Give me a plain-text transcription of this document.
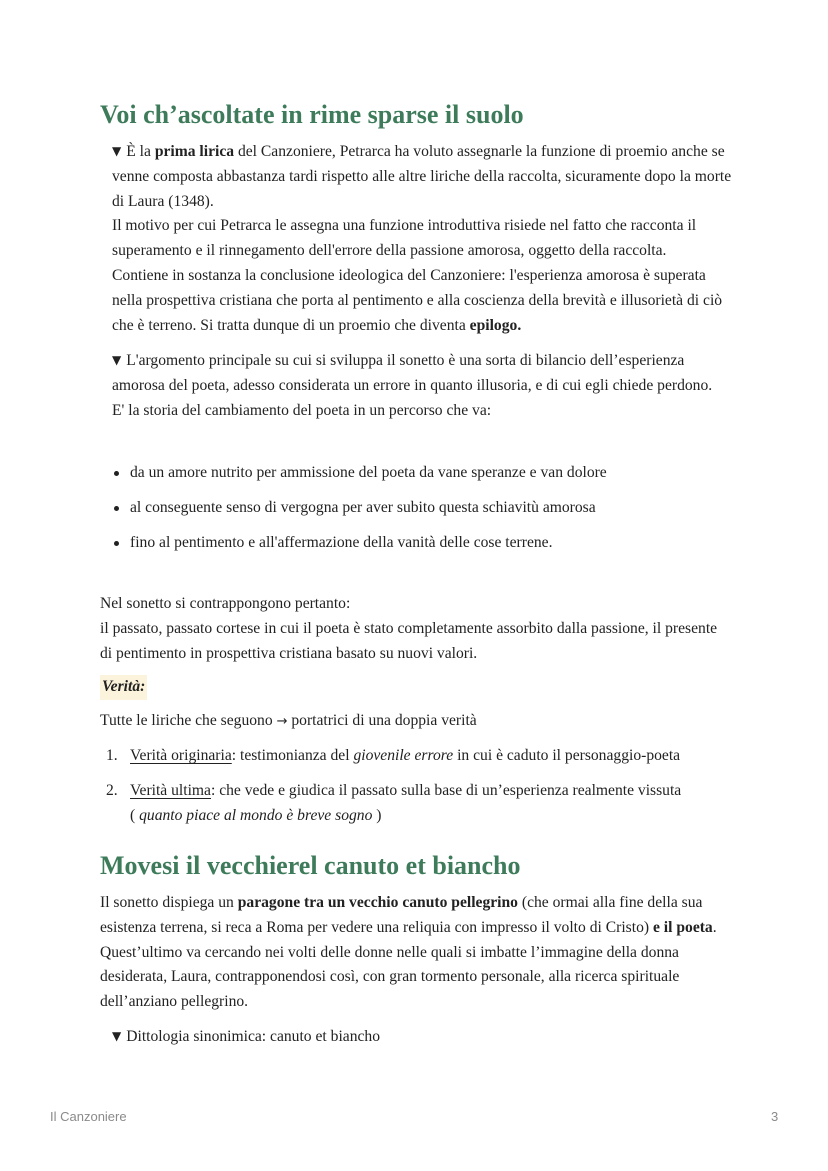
Voi ch’ascoltate in rime sparse il suolo
▼ È la prima lirica del Canzoniere, Petrarca ha voluto assegnarle la funzione di proemio anche se venne composta abbastanza tardi rispetto alle altre liriche della raccolta, sicuramente dopo la morte di Laura (1348).
Il motivo per cui Petrarca le assegna una funzione introduttiva risiede nel fatto che racconta il superamento e il rinnegamento dell'errore della passione amorosa, oggetto della raccolta.
Contiene in sostanza la conclusione ideologica del Canzoniere: l'esperienza amorosa è superata nella prospettiva cristiana che porta al pentimento e alla coscienza della brevità e illusorietà di ciò che è terreno. Si tratta dunque di un proemio che diventa epilogo.
▼ L'argomento principale su cui si sviluppa il sonetto è una sorta di bilancio dell’esperienza amorosa del poeta, adesso considerata un errore in quanto illusoria, e di cui egli chiede perdono.
E' la storia del cambiamento del poeta in un percorso che va:
da un amore nutrito per ammissione del poeta da vane speranze e van dolore
al conseguente senso di vergogna per aver subito questa schiavitù amorosa
fino al pentimento e all'affermazione della vanità delle cose terrene.
Nel sonetto si contrappongono pertanto:
il passato, passato cortese in cui il poeta è stato completamente assorbito dalla passione, il presente di pentimento in prospettiva cristiana basato su nuovi valori.
Verità:
Tutte le liriche che seguono → portatrici di una doppia verità
1. Verità originaria: testimonianza del giovenile errore in cui è caduto il personaggio-poeta
2. Verità ultima: che vede e giudica il passato sulla base di un’esperienza realmente vissuta
( quanto piace al mondo è breve sogno )
Movesi il vecchierel canuto et biancho
Il sonetto dispiega un paragone tra un vecchio canuto pellegrino (che ormai alla fine della sua esistenza terrena, si reca a Roma per vedere una reliquia con impresso il volto di Cristo) e il poeta. Quest’ultimo va cercando nei volti delle donne nelle quali si imbatte l’immagine della donna desiderata, Laura, contrapponendosi così, con gran tormento personale, alla ricerca spirituale dell’anziano pellegrino.
▼ Dittologia sinonimica: canuto et biancho
Il Canzoniere	3
